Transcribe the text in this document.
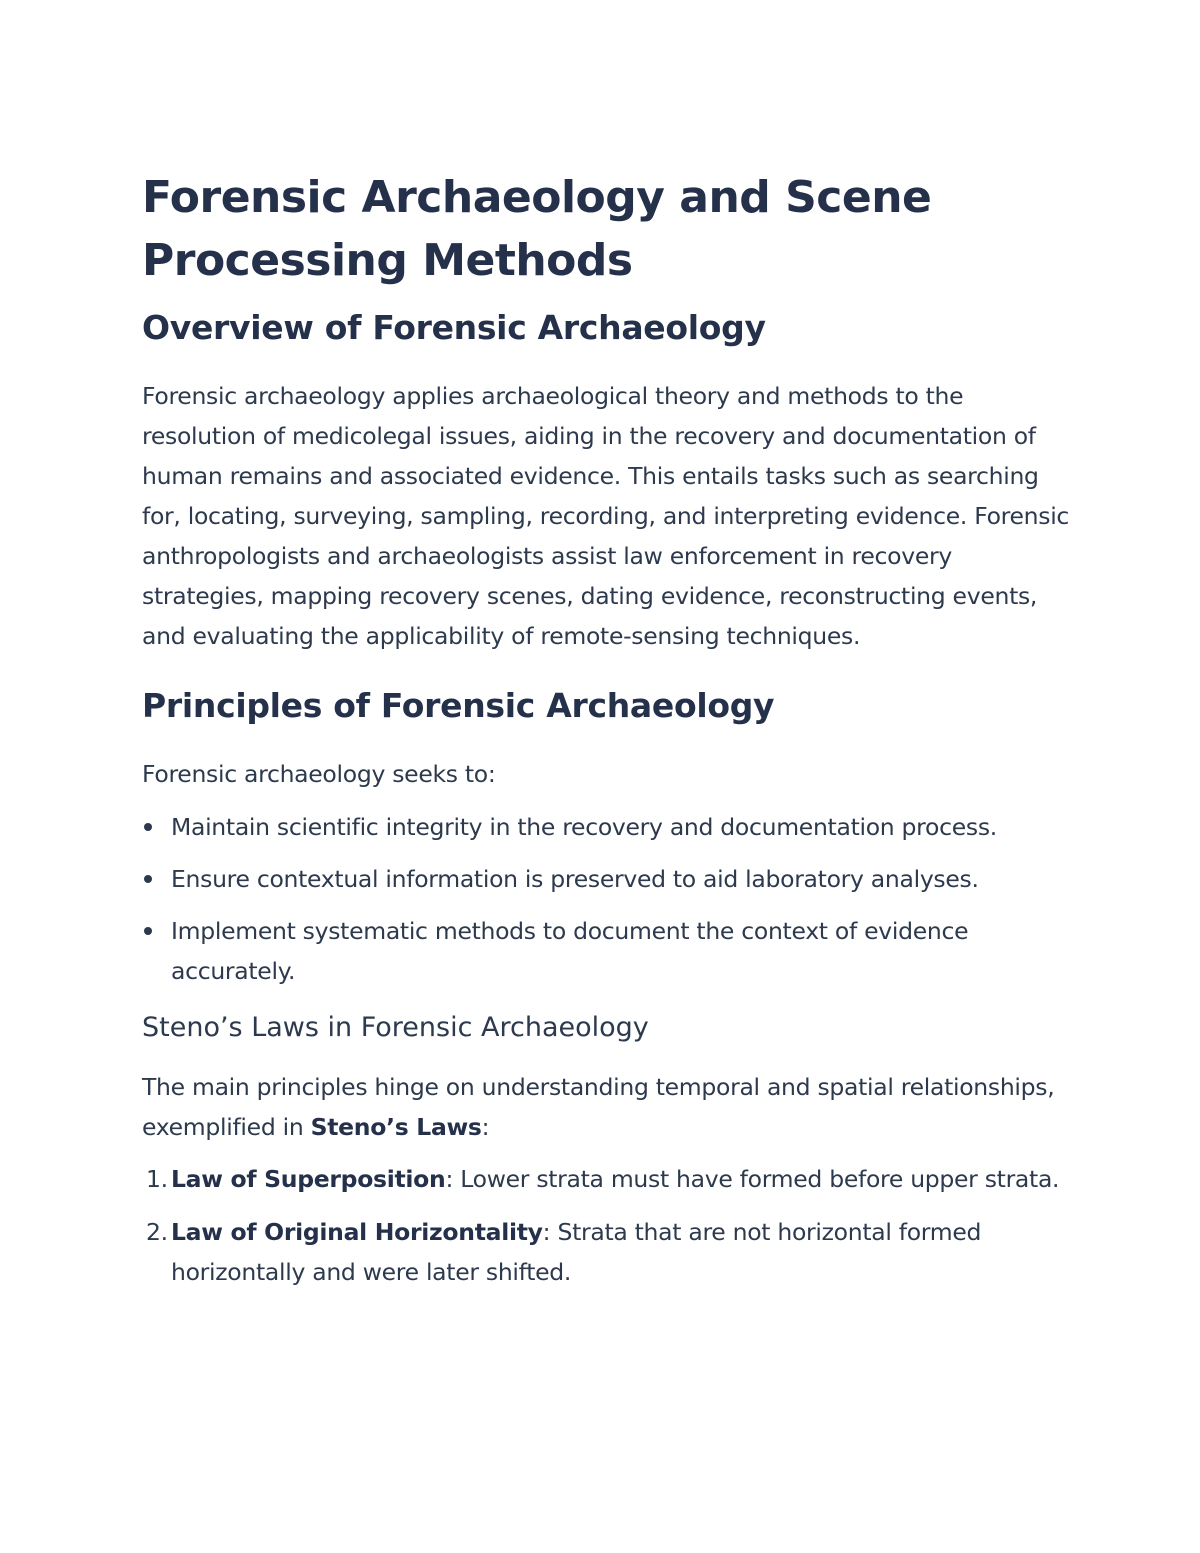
Forensic Archaeology and Scene Processing Methods
Overview of Forensic Archaeology

Forensic archaeology applies archaeological theory and methods to the resolution of medicolegal issues, aiding in the recovery and documentation of human remains and associated evidence. This entails tasks such as searching for, locating, surveying, sampling, recording, and interpreting evidence. Forensic anthropologists and archaeologists assist law enforcement in recovery strategies, mapping recovery scenes, dating evidence, reconstructing events, and evaluating the applicability of remote-sensing techniques.

Principles of Forensic Archaeology

Forensic archaeology seeks to:

Maintain scientific integrity in the recovery and documentation process.
Ensure contextual information is preserved to aid laboratory analyses.
Implement systematic methods to document the context of evidence accurately.
Steno’s Laws in Forensic Archaeology

The main principles hinge on understanding temporal and spatial relationships, exemplified in Steno’s Laws:

1. Law of Superposition: Lower strata must have formed before upper strata.
2. Law of Original Horizontality: Strata that are not horizontal formed horizontally and were later shifted.
